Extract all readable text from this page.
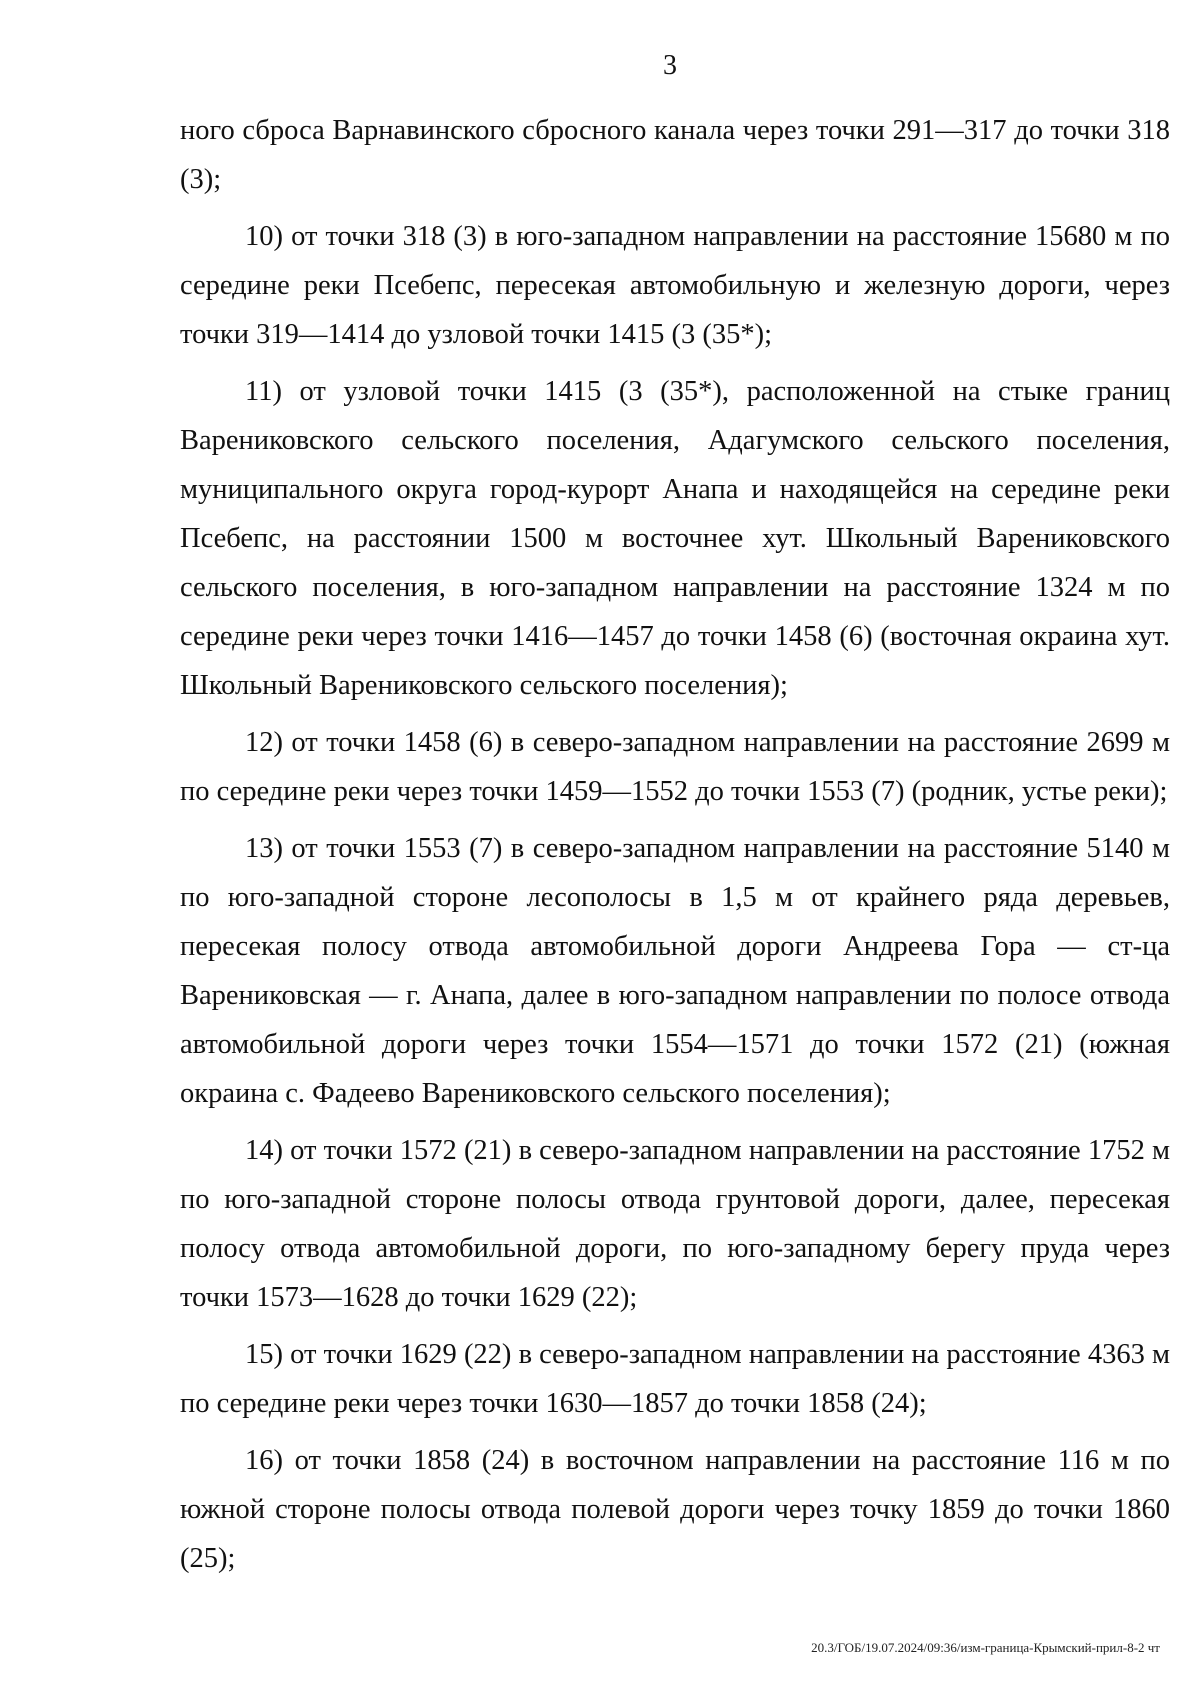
3

ного сброса Варнавинского сбросного канала через точки 291—317 до точки 318 (3);

10) от точки 318 (3) в юго-западном направлении на расстояние 15680 м по середине реки Псебепс, пересекая автомобильную и железную дороги, через точки 319—1414 до узловой точки 1415 (3 (35*);

11) от узловой точки 1415 (3 (35*), расположенной на стыке границ Варениковского сельского поселения, Адагумского сельского поселения, муниципального округа город-курорт Анапа и находящейся на середине реки Псебепс, на расстоянии 1500 м восточнее хут. Школьный Варениковского сельского поселения, в юго-западном направлении на расстояние 1324 м по середине реки через точки 1416—1457 до точки 1458 (6) (восточная окраина хут. Школьный Варениковского сельского поселения);

12) от точки 1458 (6) в северо-западном направлении на расстояние 2699 м по середине реки через точки 1459—1552 до точки 1553 (7) (родник, устье реки);

13) от точки 1553 (7) в северо-западном направлении на расстояние 5140 м по юго-западной стороне лесополосы в 1,5 м от крайнего ряда деревьев, пересекая полосу отвода автомобильной дороги Андреева Гора — ст-ца Варениковская — г. Анапа, далее в юго-западном направлении по полосе отвода автомобильной дороги через точки 1554—1571 до точки 1572 (21) (южная окраина с. Фадеево Варениковского сельского поселения);

14) от точки 1572 (21) в северо-западном направлении на расстояние 1752 м по юго-западной стороне полосы отвода грунтовой дороги, далее, пересекая полосу отвода автомобильной дороги, по юго-западному берегу пруда через точки 1573—1628 до точки 1629 (22);

15) от точки 1629 (22) в северо-западном направлении на расстояние 4363 м по середине реки через точки 1630—1857 до точки 1858 (24);

16) от точки 1858 (24) в восточном направлении на расстояние 116 м по южной стороне полосы отвода полевой дороги через точку 1859 до точки 1860 (25);

20.3/ГОБ/19.07.2024/09:36/изм-граница-Крымский-прил-8-2 чт
